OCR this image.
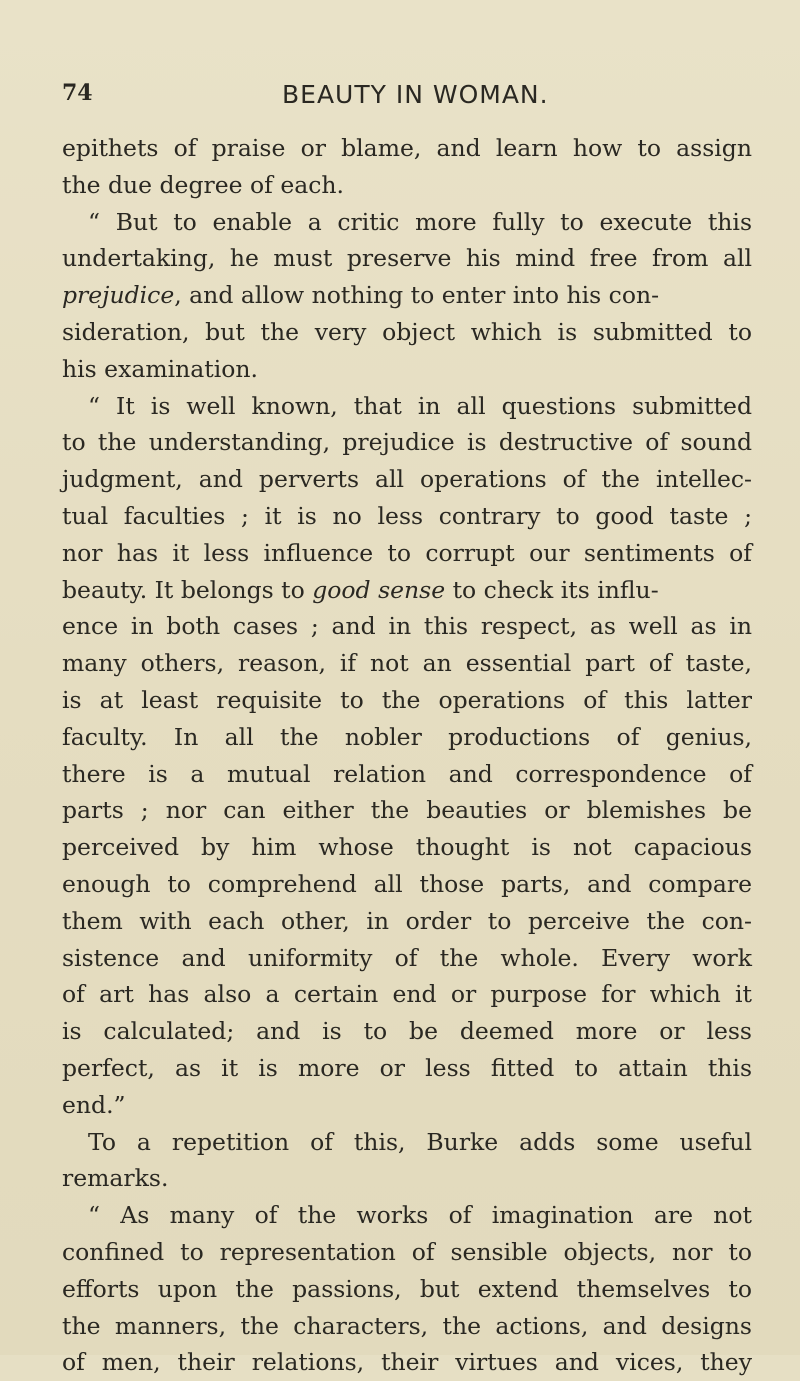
74	BEAUTY IN WOMAN.
epithets of praise or blame, and learn how to assign
the due degree of each.
“ But to enable a critic more fully to execute this
undertaking, he must preserve his mind free from all
prejudice, and allow nothing to enter into his con-
sideration, but the very object which is submitted to
his examination.
“ It is well known, that in all questions submitted
to the understanding, prejudice is destructive of sound
judgment, and perverts all operations of the intellec-
tual faculties ; it is no less contrary to good taste ;
nor has it less influence to corrupt our sentiments of
beauty. It belongs to good sense to check its influ-
ence in both cases ; and in this respect, as well as in
many others, reason, if not an essential part of taste,
is at least requisite to the operations of this latter
faculty. In all the nobler productions of genius,
there is a mutual relation and correspondence of
parts ; nor can either the beauties or blemishes be
perceived by him whose thought is not capacious
enough to comprehend all those parts, and compare
them with each other, in order to perceive the con-
sistence and uniformity of the whole. Every work
of art has also a certain end or purpose for which it
is calculated; and is to be deemed more or less
perfect, as it is more or less fitted to attain this
end.”
To a repetition of this, Burke adds some useful
remarks.
“ As many of the works of imagination are not
confined to representation of sensible objects, nor to
efforts upon the passions, but extend themselves to
the manners, the characters, the actions, and designs
of men, their relations, their virtues and vices, they
